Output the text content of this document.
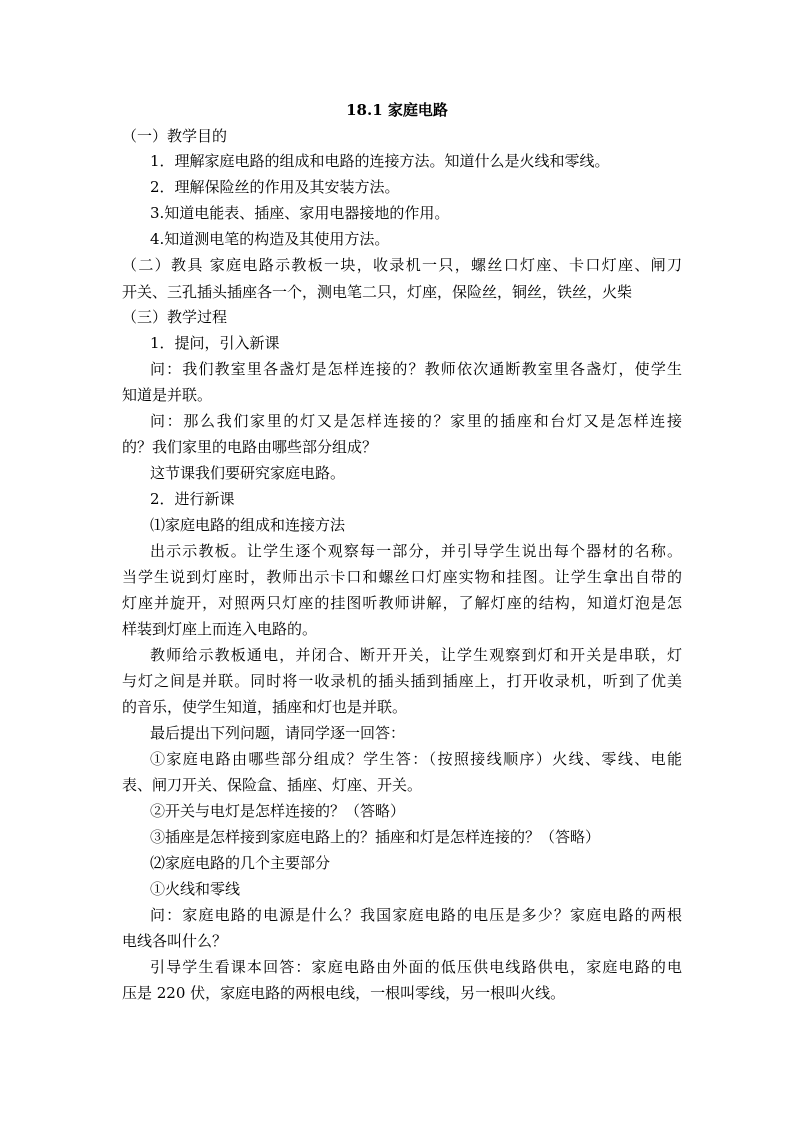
18.1 家庭电路
（一）教学目的
1．理解家庭电路的组成和电路的连接方法。知道什么是火线和零线。
2．理解保险丝的作用及其安装方法。
3.知道电能表、插座、家用电器接地的作用。
4.知道测电笔的构造及其使用方法。
（二）教具 家庭电路示教板一块，收录机一只，螺丝口灯座、卡口灯座、闸刀
开关、三孔插头插座各一个，测电笔二只，灯座，保险丝，铜丝，铁丝，火柴
（三）教学过程
1．提问，引入新课
问：我们教室里各盏灯是怎样连接的？教师依次通断教室里各盏灯，使学生
知道是并联。
问：那么我们家里的灯又是怎样连接的？家里的插座和台灯又是怎样连接
的？我们家里的电路由哪些部分组成？
这节课我们要研究家庭电路。
2．进行新课
⑴家庭电路的组成和连接方法
出示示教板。让学生逐个观察每一部分，并引导学生说出每个器材的名称。
当学生说到灯座时，教师出示卡口和螺丝口灯座实物和挂图。让学生拿出自带的
灯座并旋开，对照两只灯座的挂图听教师讲解，了解灯座的结构，知道灯泡是怎
样装到灯座上而连入电路的。
教师给示教板通电，并闭合、断开开关，让学生观察到灯和开关是串联，灯
与灯之间是并联。同时将一收录机的插头插到插座上，打开收录机，听到了优美
的音乐，使学生知道，插座和灯也是并联。
最后提出下列问题，请同学逐一回答：
①家庭电路由哪些部分组成？学生答：（按照接线顺序）火线、零线、电能
表、闸刀开关、保险盒、插座、灯座、开关。
②开关与电灯是怎样连接的？（答略）
③插座是怎样接到家庭电路上的？插座和灯是怎样连接的？（答略）
⑵家庭电路的几个主要部分
①火线和零线
问：家庭电路的电源是什么？我国家庭电路的电压是多少？家庭电路的两根
电线各叫什么？
引导学生看课本回答：家庭电路由外面的低压供电线路供电，家庭电路的电
压是 220 伏，家庭电路的两根电线，一根叫零线，另一根叫火线。
